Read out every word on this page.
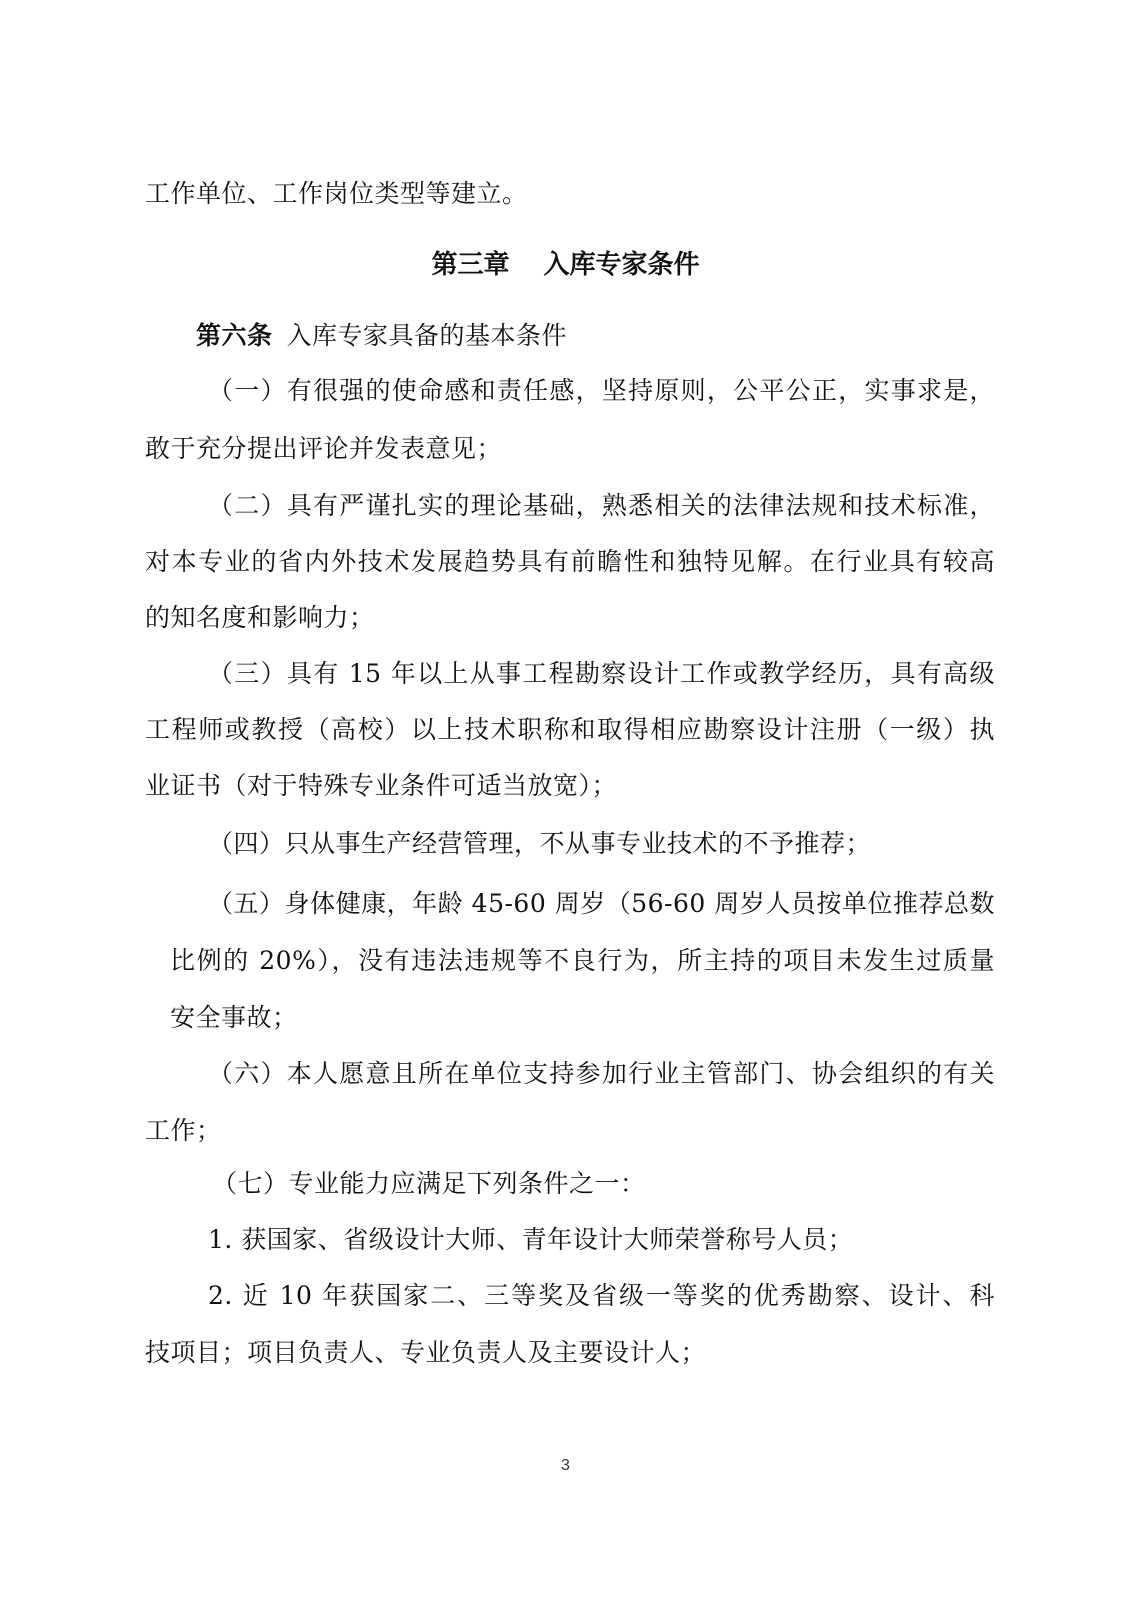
工作单位、工作岗位类型等建立。
第三章 入库专家条件
第六条 入库专家具备的基本条件
（一）有很强的使命感和责任感，坚持原则，公平公正，实事求是，
敢于充分提出评论并发表意见；
（二）具有严谨扎实的理论基础，熟悉相关的法律法规和技术标准，
对本专业的省内外技术发展趋势具有前瞻性和独特见解。在行业具有较高
的知名度和影响力；
（三）具有 15 年以上从事工程勘察设计工作或教学经历，具有高级
工程师或教授（高校）以上技术职称和取得相应勘察设计注册（一级）执
业证书（对于特殊专业条件可适当放宽）；
（四）只从事生产经营管理，不从事专业技术的不予推荐；
（五）身体健康，年龄 45-60 周岁（56-60 周岁人员按单位推荐总数
比例的 20%），没有违法违规等不良行为，所主持的项目未发生过质量
安全事故；
（六）本人愿意且所在单位支持参加行业主管部门、协会组织的有关
工作；
（七）专业能力应满足下列条件之一：
1. 获国家、省级设计大师、青年设计大师荣誉称号人员；
2. 近 10 年获国家二、三等奖及省级一等奖的优秀勘察、设计、科
技项目；项目负责人、专业负责人及主要设计人；
3
